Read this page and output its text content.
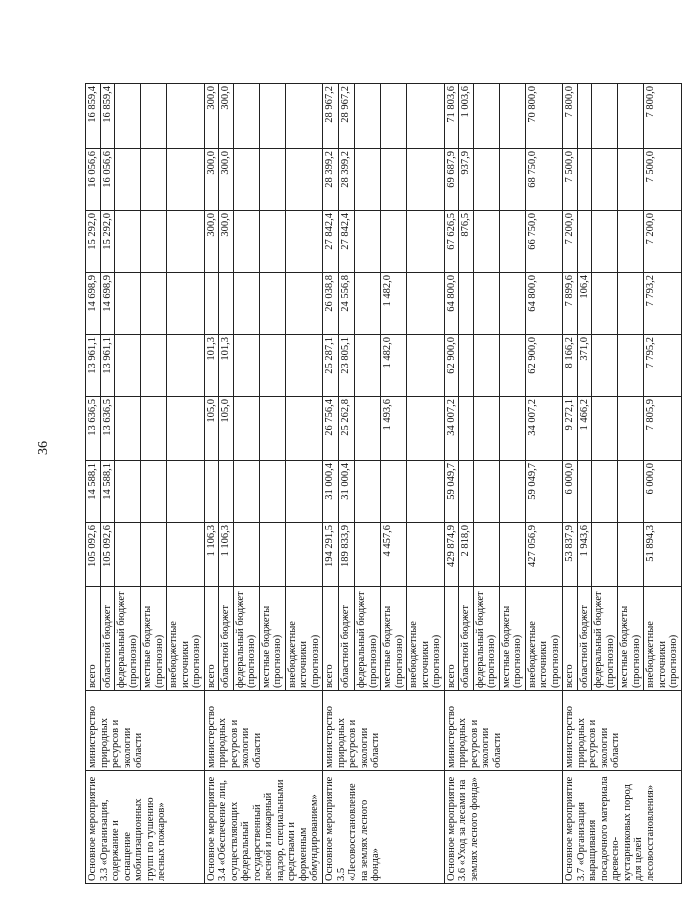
36
Основное мероприятие 3.3 «Организация, содержание и оснащение мобилизационных групп по тушению лесных пожаров»	министерство природных ресурсов и экологии области	всего	105 092,6	14 588,1	13 636,5	13 961,1	14 698,9	15 292,0	16 056,6	16 859,4
		областной бюджет	105 092,6	14 588,1	13 636,5	13 961,1	14 698,9	15 292,0	16 056,6	16 859,4
		федеральный бюджет (прогнозно)								
		местные бюджеты (прогнозно)								
		внебюджетные источники (прогнозно)								
Основное мероприятие 3.4 «Обеспечение лиц, осуществляющих федеральный государственный лесной и пожарный надзор, специальными средствами и форменным обмундированием»	министерство природных ресурсов и экологии области	всего	1 106,3		105,0	101,3		300,0	300,0	300,0
		областной бюджет	1 106,3		105,0	101,3		300,0	300,0	300,0
		федеральный бюджет (прогнозно)								
		местные бюджеты (прогнозно)								
		внебюджетные источники (прогнозно)								
Основное мероприятие 3.5 «Лесовосстановление на землях лесного фонда»	министерство природных ресурсов и экологии области	всего	194 291,5	31 000,4	26 756,4	25 287,1	26 038,8	27 842,4	28 399,2	28 967,2
		областной бюджет	189 833,9	31 000,4	25 262,8	23 805,1	24 556,8	27 842,4	28 399,2	28 967,2
		федеральный бюджет (прогнозно)								
		местные бюджеты (прогнозно)	4 457,6		1 493,6	1 482,0	1 482,0			
		внебюджетные источники (прогнозно)								
Основное мероприятие 3.6 «Уход за лесами на землях лесного фонда»	министерство природных ресурсов и экологии области	всего	429 874,9	59 049,7	34 007,2	62 900,0	64 800,0	67 626,5	69 687,9	71 803,6
		областной бюджет	2 818,0					876,5	937,9	1 003,6
		федеральный бюджет (прогнозно)								
		местные бюджеты (прогнозно)								
		внебюджетные источники (прогнозно)	427 056,9	59 049,7	34 007,2	62 900,0	64 800,0	66 750,0	68 750,0	70 800,0
Основное мероприятие 3.7 «Организация выращивания посадочного материала древесно-кустарниковых пород для целей лесовосстановления»	министерство природных ресурсов и экологии области	всего	53 837,9	6 000,0	9 272,1	8 166,2	7 899,6	7 200,0	7 500,0	7 800,0
		областной бюджет	1 943,6		1 466,2	371,0	106,4			
		федеральный бюджет (прогнозно)								
		местные бюджеты (прогнозно)								
		внебюджетные источники (прогнозно)	51 894,3	6 000,0	7 805,9	7 795,2	7 793,2	7 200,0	7 500,0	7 800,0
